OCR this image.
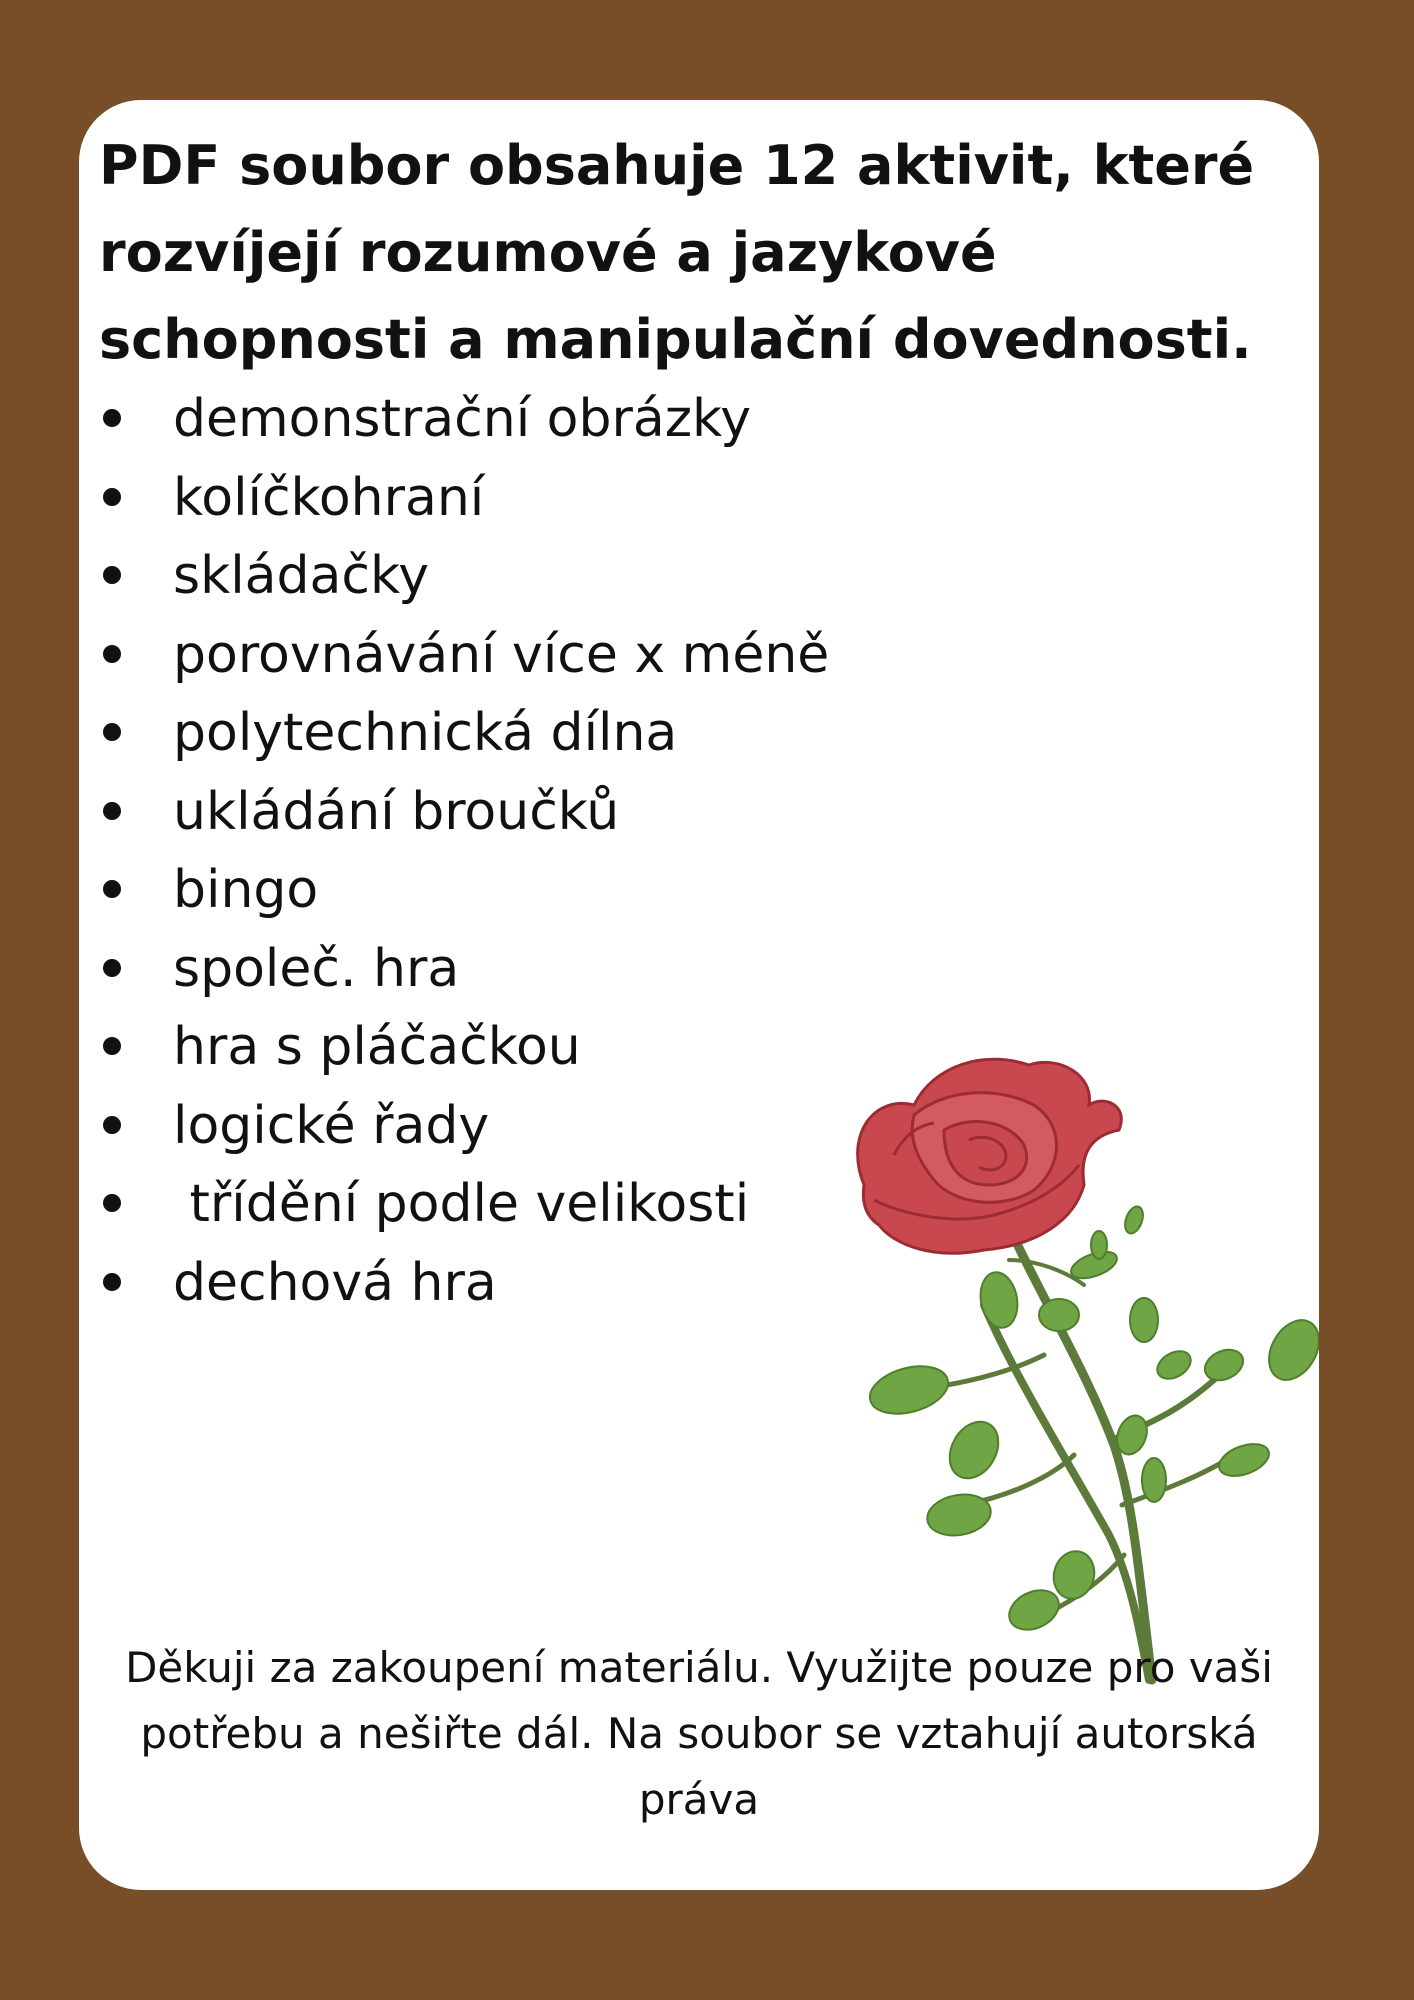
PDF soubor obsahuje 12 aktivit, které rozvíjejí rozumové a jazykové schopnosti a manipulační dovednosti.
demonstrační obrázky
kolíčkohraní
skládačky
porovnávání více x méně
polytechnická dílna
ukládání broučků
bingo
společ. hra
hra s pláčačkou
logické řady
třídění podle velikosti
dechová hra

Děkuji za zakoupení materiálu. Využijte pouze pro vaši potřebu a nešiřte dál. Na soubor se vztahují autorská práva
